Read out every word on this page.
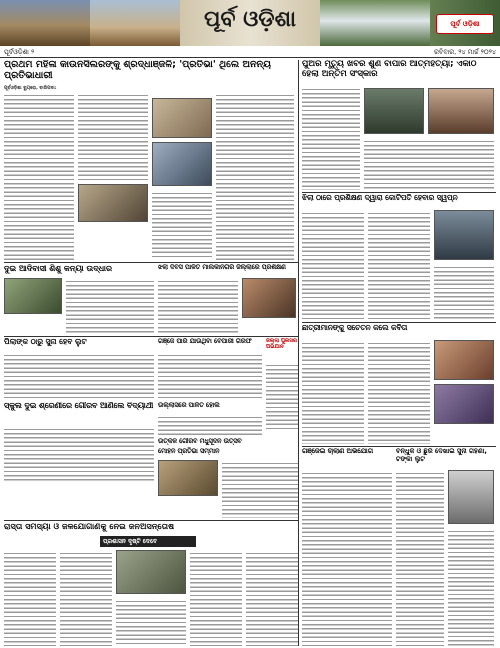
ପୂର୍ବ ଓଡ଼ିଶା	ପୂର୍ବ ଓଡ଼ିଶା
ପୂର୍ବଓଡ଼ିଶା ୨	ରବିବାର, ୨୪ ମାର୍ଚ୍ଚ ୨୦୨୪
ପ୍ରଥମ ମହିଳା କାଉନସିଲରଙ୍କୁ ଶ୍ରଦ୍ଧାଞ୍ଜଳି; 'ପ୍ରତିଭା' ଥିଲେ ଅନନ୍ୟ ପ୍ରତିଭାଧାରୀ
ପୂର୍ବଓଡ଼ିଶା ବ୍ୟୁରୋ, ବାରିପଦା:
ପୁଅର ମୃତ୍ୟୁ ଖବର ଶୁଣି ବାପାର ଆତ୍ମହତ୍ୟା; ଏକାଠି ହେଲା ଅନ୍ତିମ ସଂସ୍କାର
ଦୁଇ ଆଦିବାସୀ ଶିଶୁ କନ୍ୟା ଉଦ୍ଧାର	ଝିଲା ଦିବସ ପାଳିତ ମାଲକାନଗିରି ଜିଲ୍ଲାରେ ପ୍ରଶିକ୍ଷଣ
ଝିଲା ଠାରେ ପ୍ରଶିକ୍ଷଣ ଦ୍ୱାରା କୋଟିପତି ହେବାର ସ୍ୱପ୍ନ
ପିଲାଙ୍କ ଠାରୁ ସୁନା ହେବ ଲୁଟ	ଗଞ୍ଜେ ପାରି ଯାଉଥିବା ବେପାରୀ ଗିରଫ	ଜିଲ୍ଲା ପୁଲିସର ଅଭିଯାନ
ଛାତ୍ରୀମାନଙ୍କୁ ସଚେତନ କଲେ କବିତା
ଉଲ୍ଲାସରେ ପାଳିତ ହୋଲି
ସ୍କୁଲ ଦୁଇ ଶ୍ରେଣୀରେ ଗୌରବ ଆଣିଲେ ବିଦ୍ୟାର୍ଥୀ
ଉତ୍କଳ ଗୌରବ ମଧୁସୂଦନ ଉତ୍ସବ
ମୋହନ ପ୍ରତିଭା ସମ୍ମାନ
ରାସ୍ତା ସମସ୍ୟା ଓ ଜଳଯୋଗାଣକୁ ନେଇ ଜନଅସନ୍ତୋଷ
ପ୍ରଶାସନ ଦୃଷ୍ଟି ଦେବେ
ଗଞ୍ଜେଇ ଚାଲାଣ ଅଭିଯୋଗ	ବନ୍ଧୁକ ଓ ଛୁରି ଦେଖାଇ ସୁନା ଗହଣା, ଟଙ୍କା ଲୁଟ
